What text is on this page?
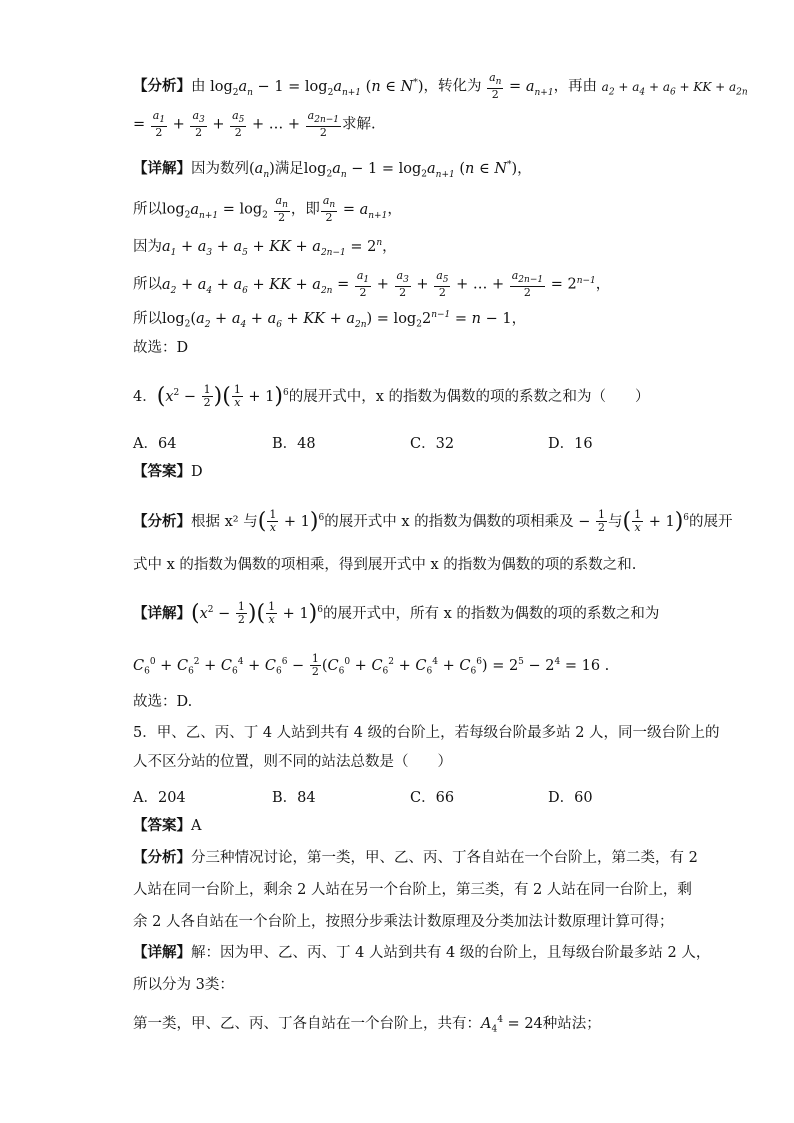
【分析】由 $\log_2a_n - 1 = \log_2a_{n+1}$ (n ∈ N*)，转化为 $\frac{a_n}{2} = a_{n+1}$，再由 $a_2 + a_4 + a_6$ + KK + $a_{2n}$
= $\frac{a_1}{2} + \frac{a_3}{2} + \frac{a_5}{2}$ + … + $\frac{a_{2n-1}}{2}$ 求解.
【详解】因为数列$(a_n)$满足$\log_2a_n - 1 = \log_2a_{n+1}$ (n ∈ N*)，
所以$\log_2a_{n+1} = \log_2 \frac{a_n}{2}$ ，即 $\frac{a_n}{2} = a_{n+1}$，
因为$a_1 + a_3 + a_5$ + KK + $a_{2n-1} = 2^n$，
所以$a_2 + a_4 + a_6$ + KK + $a_{2n} = \frac{a_1}{2} + \frac{a_3}{2} + \frac{a_5}{2}$ + … + $\frac{a_{2n-1}}{2} = 2^{n-1}$，
所以$\log_2(a_2 + a_4 + a_6$ + KK + $a_{2n}) = \log_22^{n-1} = n - 1$，
故选：D
4．($x^2 - \frac{1}{2}$ )( $\frac{1}{x} + 1)^6$的展开式中，x 的指数为偶数的项的系数之和为（　　）
A．64	B．48	C．32	D．16
【答案】D
【分析】根据 x² 与( $\frac{1}{x} + 1)^6$的展开式中 x 的指数为偶数的项相乘及 − $\frac{1}{2}$ 与( $\frac{1}{x} + 1)^6$的展开
式中 x 的指数为偶数的项相乘，得到展开式中 x 的指数为偶数的项的系数之和.
【详解】($x^2 - \frac{1}{2}$ )( $\frac{1}{x} + 1)^6$的展开式中，所有 x 的指数为偶数的项的系数之和为
$C_6^0 + C_6^2 + C_6^4 + C_6^6 - \frac{1}{2} (C_6^0 + C_6^2 + C_6^4 + C_6^6) = 2^5 - 2^4 = 16$ .
故选：D.
5．甲、乙、丙、丁 4 人站到共有 4 级的台阶上，若每级台阶最多站 2 人，同一级台阶上的
人不区分站的位置，则不同的站法总数是（　　）
A．204	B．84	C．66	D．60
【答案】A
【分析】分三种情况讨论，第一类，甲、乙、丙、丁各自站在一个台阶上，第二类，有 2
人站在同一台阶上，剩余 2 人站在另一个台阶上，第三类，有 2 人站在同一台阶上，剩
余 2 人各自站在一个台阶上，按照分步乘法计数原理及分类加法计数原理计算可得；
【详解】解：因为甲、乙、丙、丁 4 人站到共有 4 级的台阶上，且每级台阶最多站 2 人，
所以分为 3类：
第一类，甲、乙、丙、丁各自站在一个台阶上，共有：$A_4^4 = 24$种站法；
